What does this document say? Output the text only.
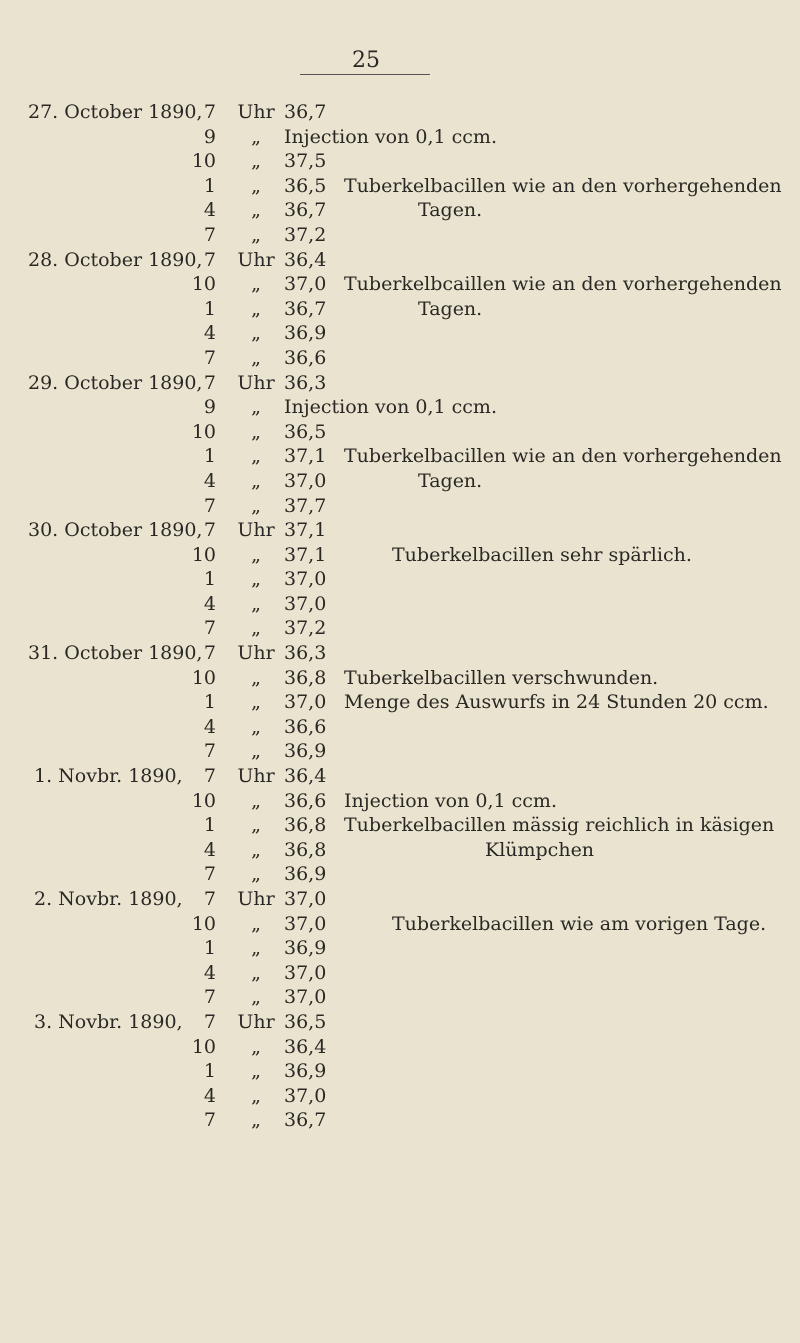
25
27. October 1890, 7 Uhr 36,7
9	„	Injection von 0,1 ccm.
10	„	37,5
1	„	36,5 Tuberkelbacillen wie an den vorhergehenden
4	„	36,7	Tagen.
7	„	37,2
28. October 1890, 7 Uhr 36,4
10	„	37,0 Tuberkelbcaillen wie an den vorhergehenden
1	„	36,7	Tagen.
4	„	36,9
7	„	36,6
29. October 1890, 7 Uhr 36,3
9	„	Injection von 0,1 ccm.
10	„	36,5
1	„	37,1 Tuberkelbacillen wie an den vorhergehenden
4	„	37,0	Tagen.
7	„	37,7
30. October 1890, 7 Uhr 37,1
10	„	37,1	Tuberkelbacillen sehr spärlich.
1	„	37,0
4	„	37,0
7	„	37,2
31. October 1890, 7 Uhr 36,3
10	„	36,8 Tuberkelbacillen verschwunden.
1	„	37,0 Menge des Auswurfs in 24 Stunden 20 ccm.
4	„	36,6
7	„	36,9
1. Novbr. 1890, 7 Uhr 36,4
10	„	36,6 Injection von 0,1 ccm.
1	„	36,8 Tuberkelbacillen mässig reichlich in käsigen
4	„	36,8	Klümpchen
7	„	36,9
2. Novbr. 1890, 7 Uhr 37,0
10	„	37,0	Tuberkelbacillen wie am vorigen Tage.
1	„	36,9
4	„	37,0
7	„	37,0
3. Novbr. 1890, 7 Uhr 36,5
10	„	36,4
1	„	36,9
4	„	37,0
7	„	36,7
